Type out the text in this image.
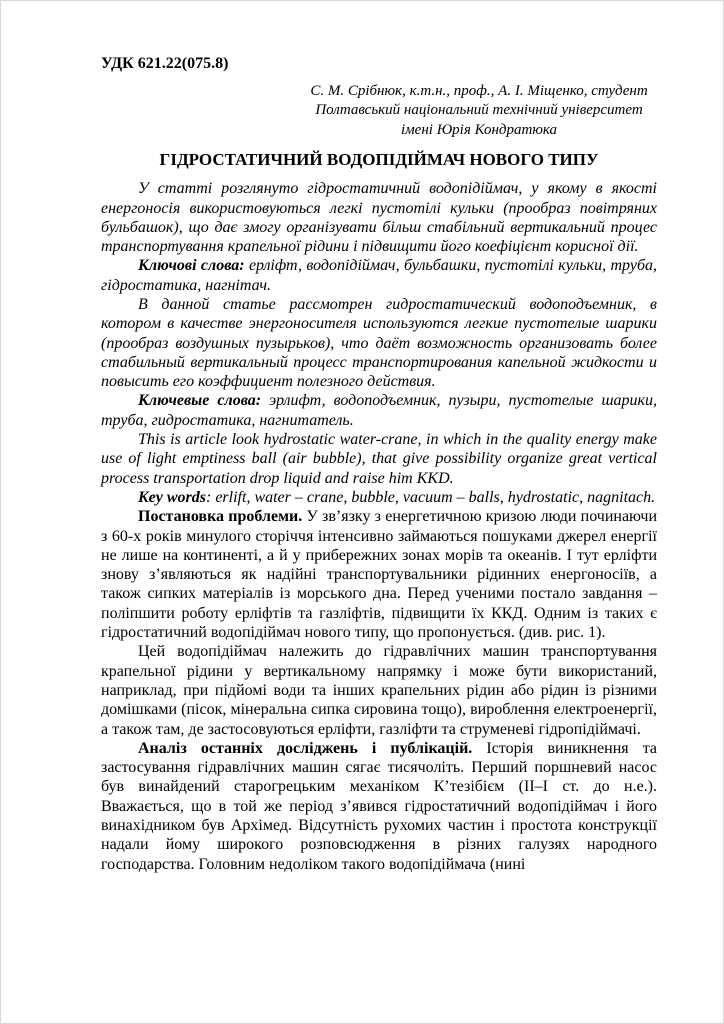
УДК 621.22(075.8)
С. М. Срібнюк, к.т.н., проф., А. І. Міщенко, студент
Полтавський національний технічний університет
імені Юрія Кондратюка
ГІДРОСТАТИЧНИЙ ВОДОПІДІЙМАЧ НОВОГО ТИПУ

У статті розглянуто гідростатичний водопідіймач, у якому в якості енергоносія використовуються легкі пустотілі кульки (прообраз повітряних бульбашок), що дає змогу організувати більш стабільний вертикальний процес транспортування крапельної рідини і підвищити його коефіцієнт корисної дії.

Ключові слова: ерліфт, водопідіймач, бульбашки, пустотілі кульки, труба, гідростатика, нагнітач.

В данной статье рассмотрен гидростатический водоподъемник, в котором в качестве энергоносителя используются легкие пустотелые шарики (прообраз воздушных пузырьков), что даёт возможность организовать более стабильный вертикальный процесс транспортирования капельной жидкости и повысить его коэффициент полезного действия.

Ключевые слова: эрлифт, водоподъемник, пузыри, пустотелые шарики, труба, гидростатика, нагнитатель.

This is article look hydrostatic water-crane, in which in the quality energy make use of light emptiness ball (air bubble), that give possibility organize great vertical process transportation drop liquid and raise him KKD.

Key words: erlift, water – crane, bubble, vacuum – balls, hydrostatic, nagnitach.

Постановка проблеми. У зв’язку з енергетичною кризою люди починаючи з 60-х років минулого сторіччя інтенсивно займаються пошуками джерел енергії не лише на континенті, а й у прибережних зонах морів та океанів. І тут ерліфти знову з’являються як надійні транспортувальники рідинних енергоносіїв, а також сипких матеріалів із морського дна. Перед ученими постало завдання – поліпшити роботу ерліфтів та газліфтів, підвищити їх ККД. Одним із таких є гідростатичний водопідіймач нового типу, що пропонується. (див. рис. 1).

Цей водопідіймач належить до гідравлічних машин транспортування крапельної рідини у вертикальному напрямку і може бути використаний, наприклад, при підйомі води та інших крапельних рідин або рідин із різними домішками (пісок, мінеральна сипка сировина тощо), вироблення електроенергії, а також там, де застосовуються ерліфти, газліфти та струменеві гідропідіймачі.

Аналіз останніх досліджень і публікацій. Історія виникнення та застосування гідравлічних машин сягає тисячоліть. Перший поршневий насос був винайдений старогрецьким механіком К’тезібієм (II–I ст. до н.е.). Вважається, що в той же період з’явився гідростатичний водопідіймач і його винахідником був Архімед. Відсутність рухомих частин і простота конструкції надали йому широкого розповсюдження в різних галузях народного господарства. Головним недоліком такого водопідіймача (нині
